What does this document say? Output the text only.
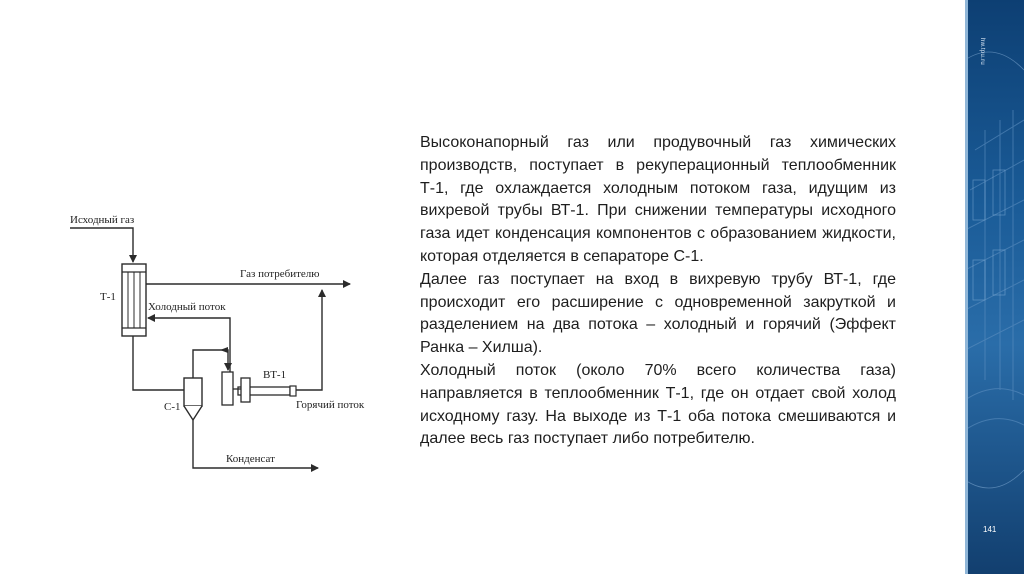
hw.tpu.ru
141
Исходный газ
Т-1
Газ потребителю
Холодный поток
С-1
ВТ-1
Горячий поток
Конденсат

Высоконапорный газ или продувочный газ химических производств, поступает в рекуперационный теплообменник Т-1, где охлаждается холодным потоком газа, идущим из вихревой трубы ВТ-1. При снижении температуры исходного газа идет конденсация компонентов с образованием жидкости, которая отделяется в сепараторе С-1.

Далее газ поступает на вход в вихревую трубу ВТ-1, где происходит его расширение с одновременной закруткой и разделением на два потока – холодный и горячий (Эффект Ранка – Хилша).

Холодный поток (около 70% всего количества газа) направляется в теплообменник Т-1, где он отдает свой холод исходному газу. На выходе из Т-1 оба потока смешиваются и далее весь газ поступает либо потребителю.
